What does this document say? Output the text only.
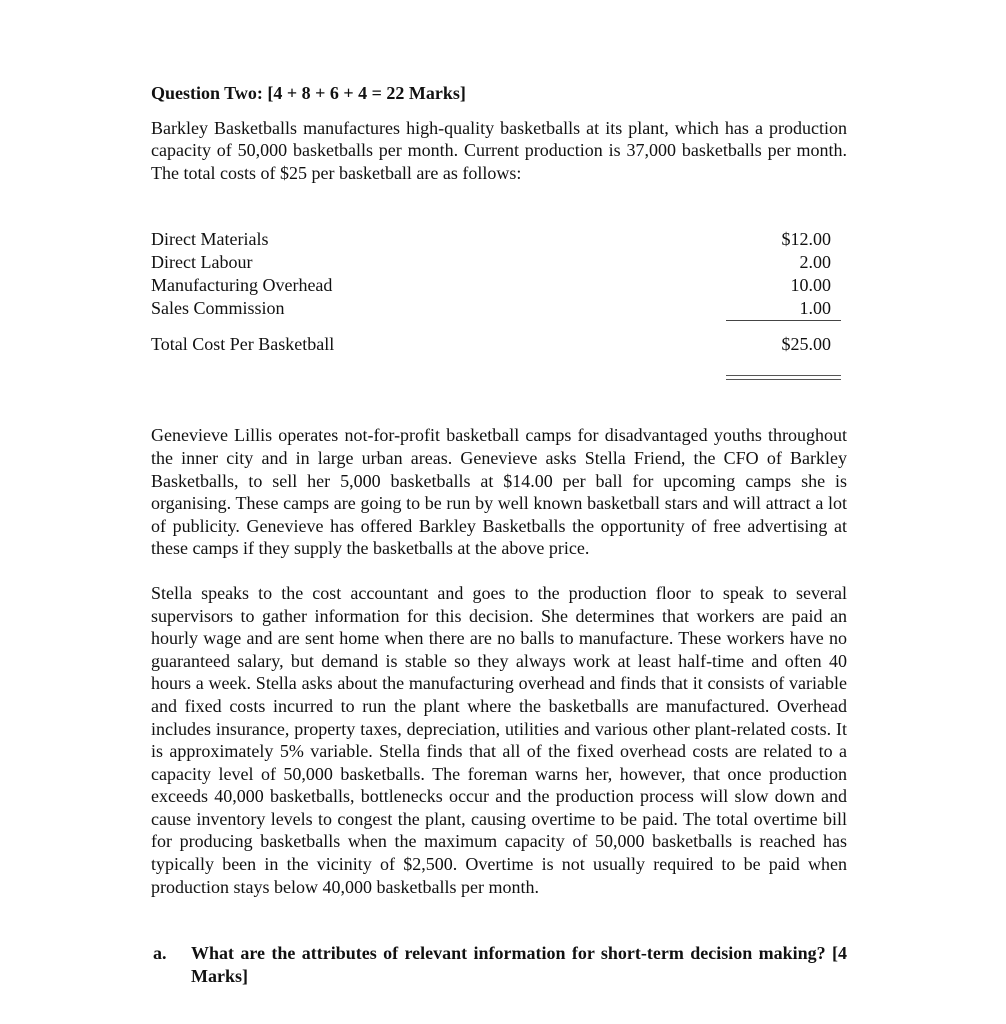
Question Two: [4 + 8 + 6 + 4 = 22 Marks]

Barkley Basketballs manufactures high-quality basketballs at its plant, which has a production capacity of 50,000 basketballs per month. Current production is 37,000 basketballs per month. The total costs of $25 per basketball are as follows:

Direct Materials	$12.00
Direct Labour	2.00
Manufacturing Overhead	10.00
Sales Commission	1.00
Total Cost Per Basketball	$25.00

Genevieve Lillis operates not-for-profit basketball camps for disadvantaged youths throughout the inner city and in large urban areas. Genevieve asks Stella Friend, the CFO of Barkley Basketballs, to sell her 5,000 basketballs at $14.00 per ball for upcoming camps she is organising. These camps are going to be run by well known basketball stars and will attract a lot of publicity. Genevieve has offered Barkley Basketballs the opportunity of free advertising at these camps if they supply the basketballs at the above price.

Stella speaks to the cost accountant and goes to the production floor to speak to several supervisors to gather information for this decision. She determines that workers are paid an hourly wage and are sent home when there are no balls to manufacture. These workers have no guaranteed salary, but demand is stable so they always work at least half-time and often 40 hours a week. Stella asks about the manufacturing overhead and finds that it consists of variable and fixed costs incurred to run the plant where the basketballs are manufactured. Overhead includes insurance, property taxes, depreciation, utilities and various other plant-related costs. It is approximately 5% variable. Stella finds that all of the fixed overhead costs are related to a capacity level of 50,000 basketballs. The foreman warns her, however, that once production exceeds 40,000 basketballs, bottlenecks occur and the production process will slow down and cause inventory levels to congest the plant, causing overtime to be paid. The total overtime bill for producing basketballs when the maximum capacity of 50,000 basketballs is reached has typically been in the vicinity of $2,500. Overtime is not usually required to be paid when production stays below 40,000 basketballs per month.

a.	What are the attributes of relevant information for short-term decision making? [4 Marks]
